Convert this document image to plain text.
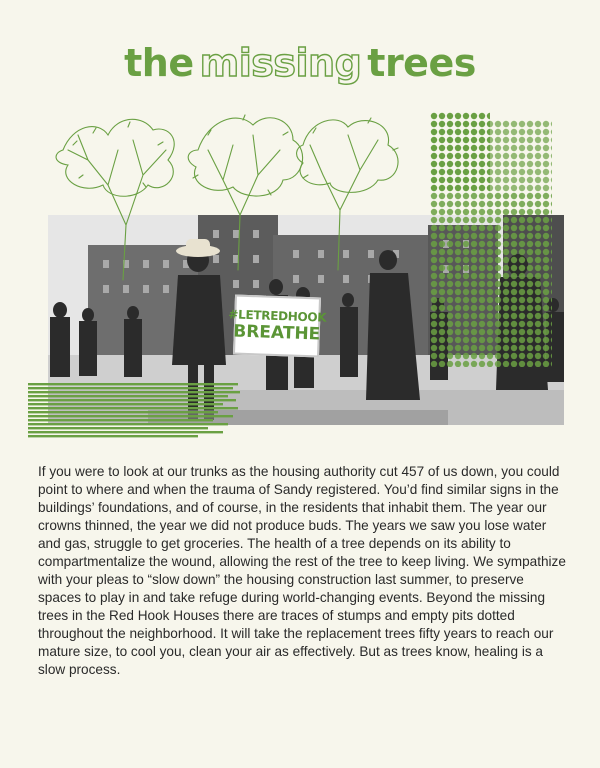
the missing trees
#LETREDHOOK
BREATHE

If you were to look at our trunks as the housing authority cut 457 of us down, you could point to where and when the trauma of Sandy registered. You’d find similar signs in the buildings’ foundations, and of course, in the residents that inhabit them. The year our crowns thinned, the year we did not produce buds. The years we saw you lose water and gas, struggle to get groceries. The health of a tree depends on its ability to compartmentalize the wound, allowing the rest of the tree to keep living. We sympathize with your pleas to “slow down” the housing construction last summer, to preserve spaces to play in and take refuge during world-changing events. Beyond the missing trees in the Red Hook Houses there are traces of stumps and empty pits dotted throughout the neighborhood. It will take the replacement trees fifty years to reach our mature size, to cool you, clean your air as effectively. But as trees know, healing is a slow process.
